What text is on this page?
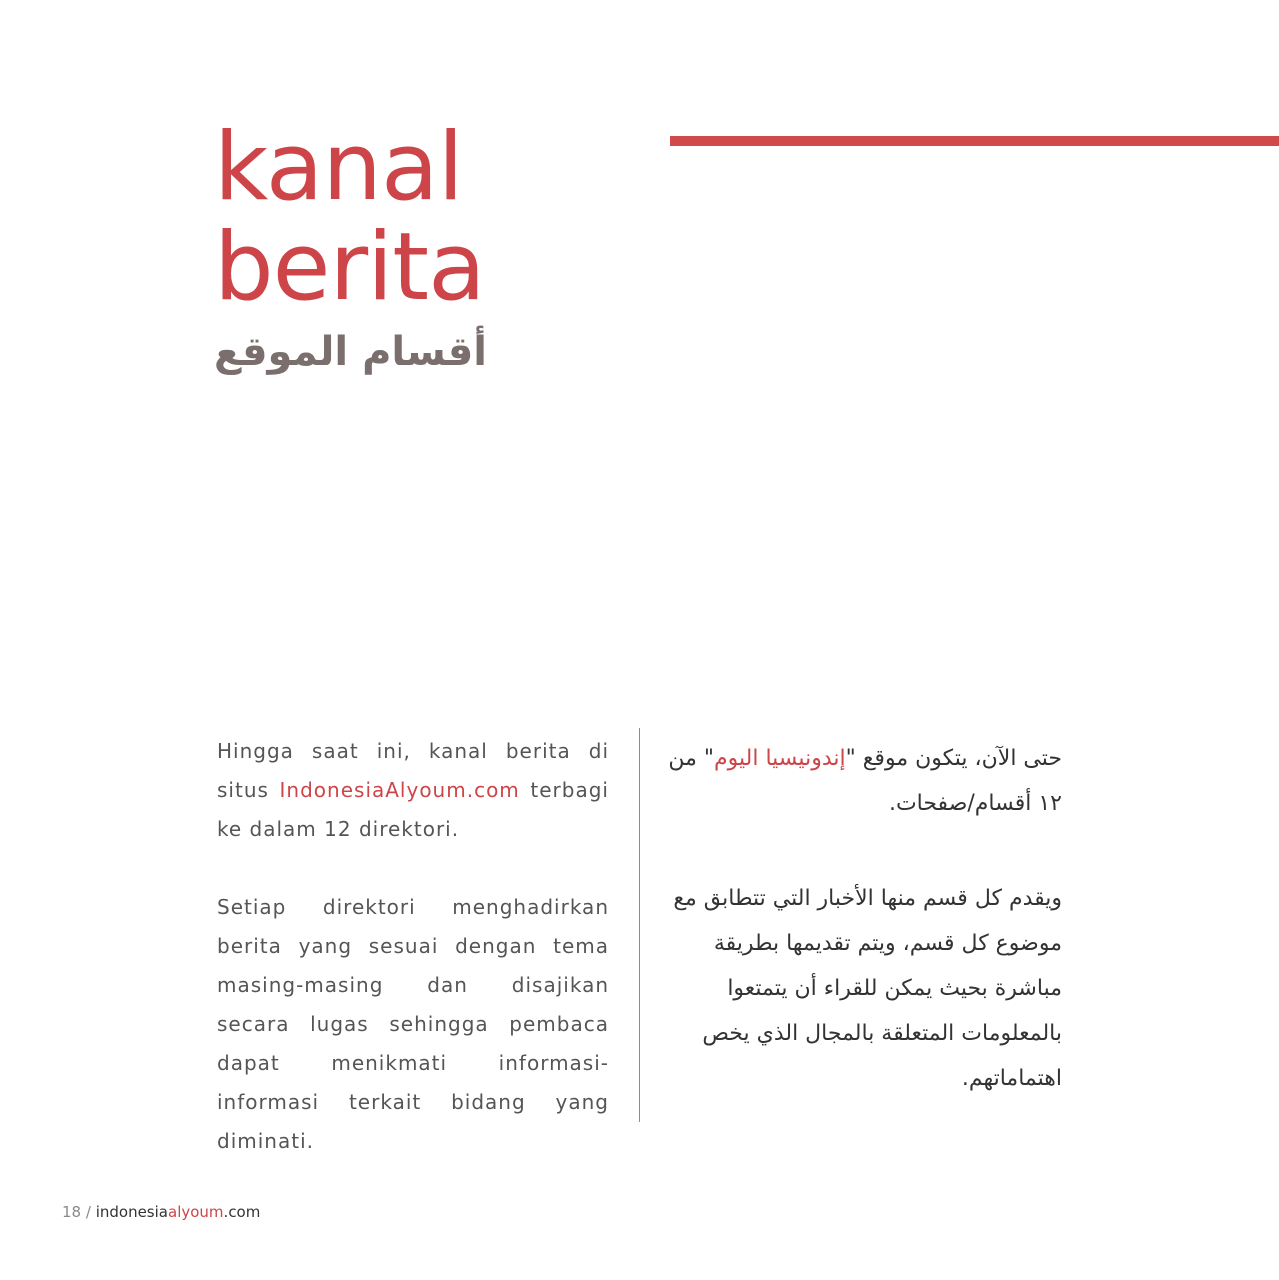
kanal
berita
أقسام الموقع

Hingga saat ini, kanal berita di situs IndonesiaAlyoum.com terbagi ke dalam 12 direktori.

Setiap direktori menghadirkan berita yang sesuai dengan tema masing-masing dan disajikan secara lugas sehingga pembaca dapat menikmati informasi-informasi terkait bidang yang diminati.

حتى الآن، يتكون موقع "إندونيسيا اليوم" من ١٢ أقسام/صفحات.

ويقدم كل قسم منها الأخبار التي تتطابق مع موضوع كل قسم، ويتم تقديمها بطريقة مباشرة بحيث يمكن للقراء أن يتمتعوا بالمعلومات المتعلقة بالمجال الذي يخص اهتماماتهم.

18 / indonesiaalyoum.com
